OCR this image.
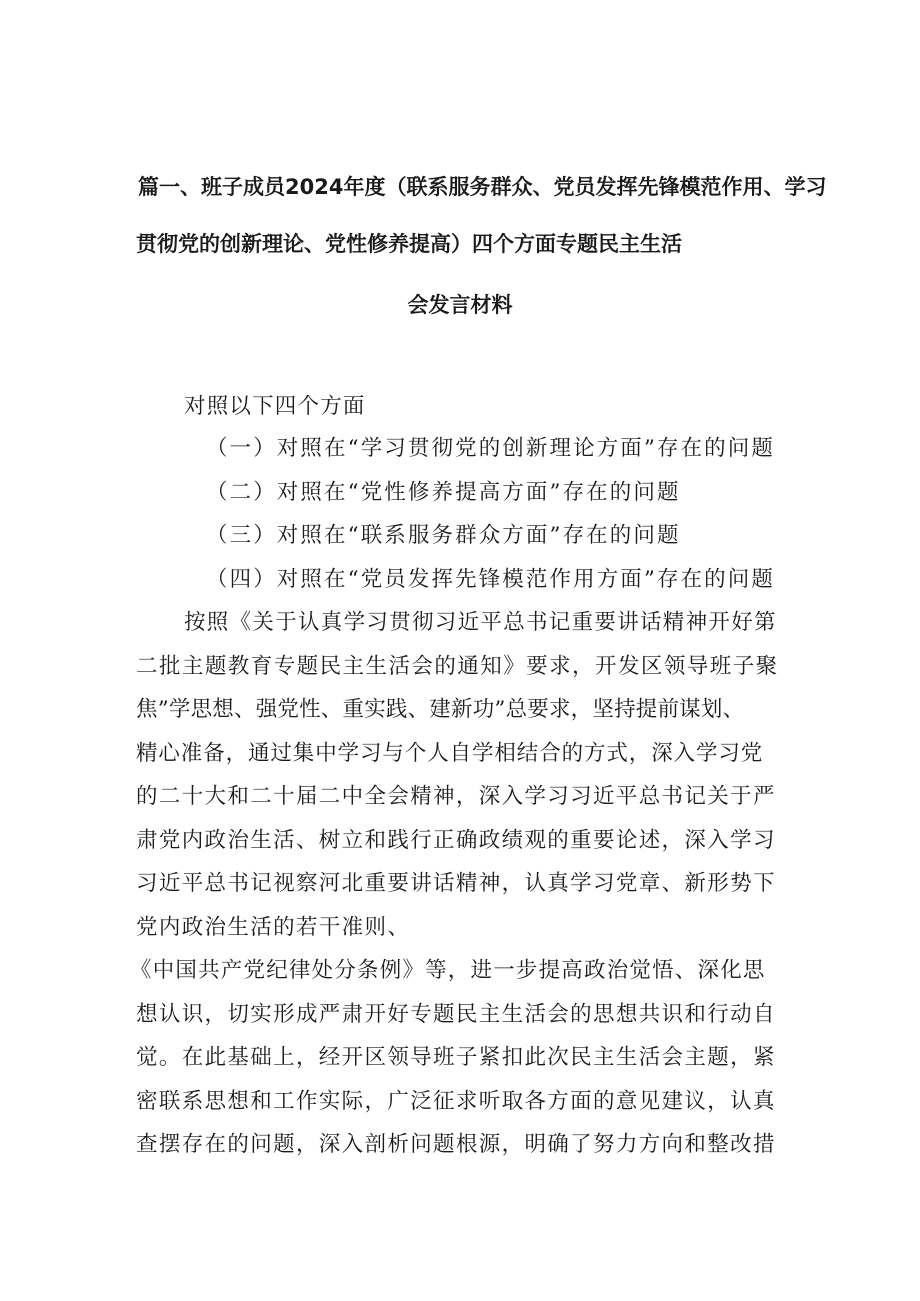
篇一、班子成员2024年度（联系服务群众、党员发挥先锋模范作用、学习
贯彻党的创新理论、党性修养提高）四个方面专题民主生活
会发言材料
对照以下四个方面
（一）对照在“学习贯彻党的创新理论方面”存在的问题
（二）对照在“党性修养提高方面”存在的问题
（三）对照在“联系服务群众方面”存在的问题
（四）对照在“党员发挥先锋模范作用方面”存在的问题
按照《关于认真学习贯彻习近平总书记重要讲话精神开好第
二批主题教育专题民主生活会的通知》要求，开发区领导班子聚
焦”学思想、强党性、重实践、建新功”总要求，坚持提前谋划、
精心准备，通过集中学习与个人自学相结合的方式，深入学习党
的二十大和二十届二中全会精神，深入学习习近平总书记关于严
肃党内政治生活、树立和践行正确政绩观的重要论述，深入学习
习近平总书记视察河北重要讲话精神，认真学习党章、新形势下
党内政治生活的若干准则、
《中国共产党纪律处分条例》等，进一步提高政治觉悟、深化思
想认识，切实形成严肃开好专题民主生活会的思想共识和行动自
觉。在此基础上，经开区领导班子紧扣此次民主生活会主题，紧
密联系思想和工作实际，广泛征求听取各方面的意见建议，认真
查摆存在的问题，深入剖析问题根源，明确了努力方向和整改措
